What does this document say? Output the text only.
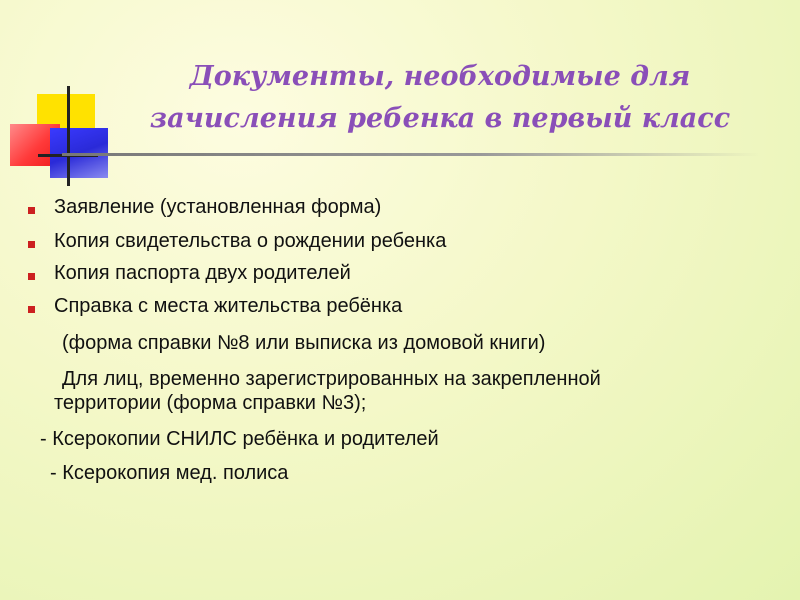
Документы, необходимые для
зачисления ребенка в первый класс
Заявление (установленная форма)
Копия свидетельства о рождении ребенка
Копия паспорта двух родителей
Справка с места жительства ребёнка
(форма справки №8 или выписка из домовой книги)
Для лиц, временно зарегистрированных на закрепленной
территории (форма справки №3);
- Ксерокопии СНИЛС ребёнка и родителей
- Ксерокопия мед. полиса
